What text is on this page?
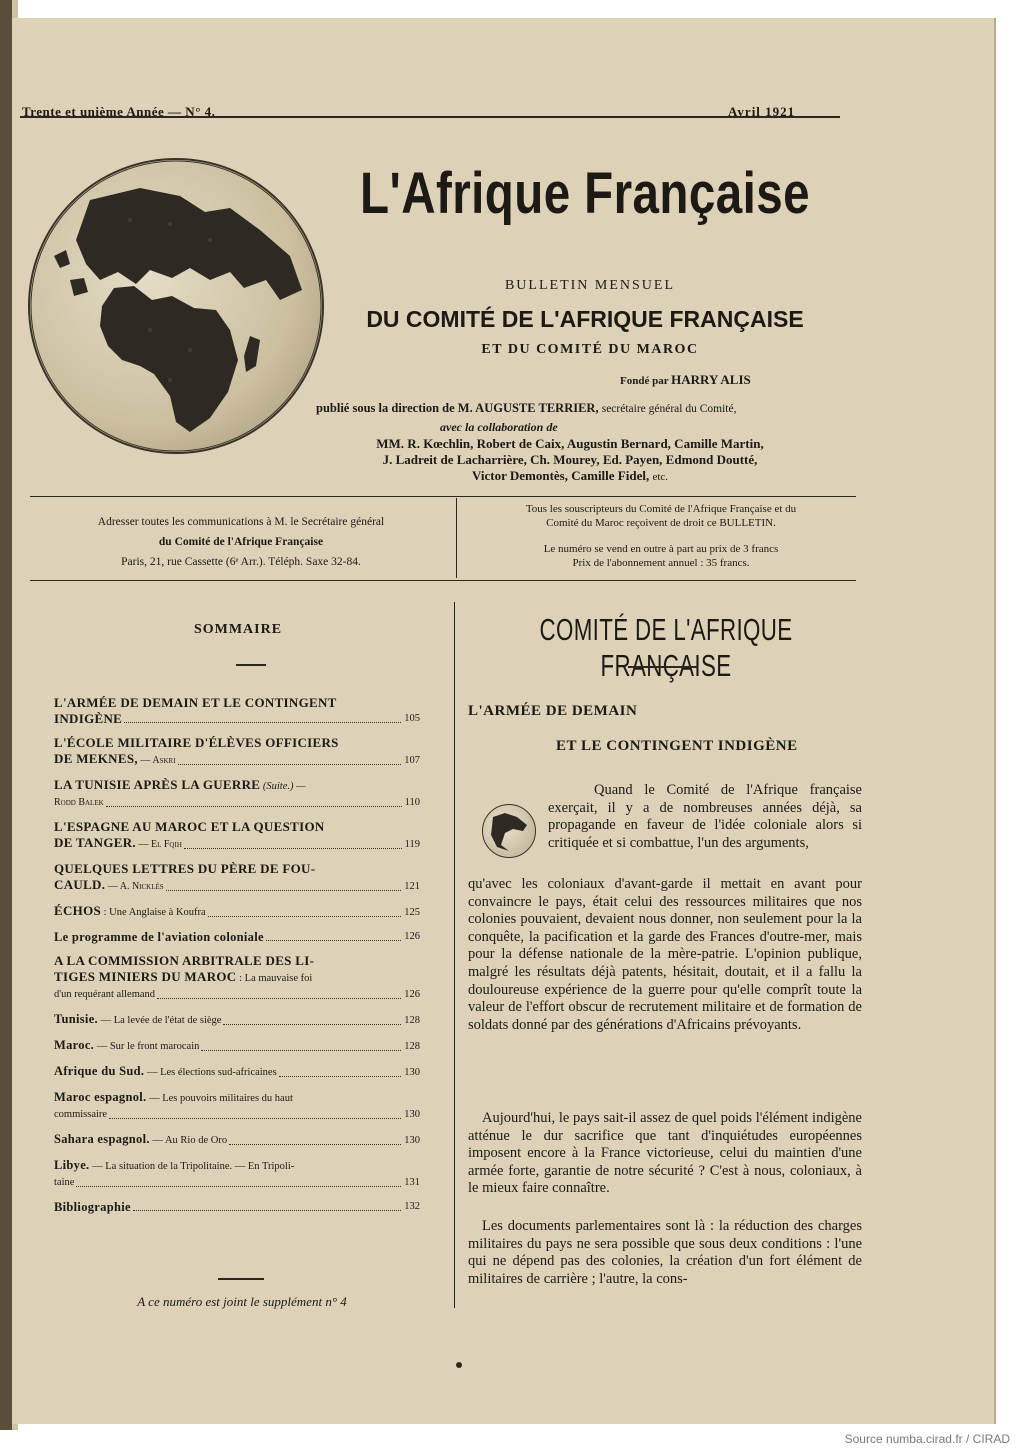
Trente et unième Année — N° 4.	Avril 1921
L'Afrique Française
BULLETIN MENSUEL
DU COMITÉ DE L'AFRIQUE FRANÇAISE
ET DU COMITÉ DU MAROC
Fondé par HARRY ALIS
publié sous la direction de M. AUGUSTE TERRIER, secrétaire général du Comité,
avec la collaboration de
MM. R. Kœchlin, Robert de Caix, Augustin Bernard, Camille Martin,
J. Ladreit de Lacharrière, Ch. Mourey, Ed. Payen, Edmond Doutté,
Victor Demontès, Camille Fidel, etc.
Adresser toutes les communications à M. le Secrétaire général
du Comité de l'Afrique Française
Paris, 21, rue Cassette (6ᵉ Arr.). Téléph. Saxe 32-84.
Tous les souscripteurs du Comité de l'Afrique Française et du
Comité du Maroc reçoivent de droit ce BULLETIN.
Le numéro se vend en outre à part au prix de 3 francs
Prix de l'abonnement annuel : 35 francs.
SOMMAIRE
L'ARMÉE DE DEMAIN ET LE CONTINGENT
INDIGÈNE	105
L'ÉCOLE MILITAIRE D'ÉLÈVES OFFICIERS
DE MEKNES, — Askri	107
LA TUNISIE APRÈS LA GUERRE (Suite.) —
Rodd Balek	110
L'ESPAGNE AU MAROC ET LA QUESTION
DE TANGER. — El Fqih	119
QUELQUES LETTRES DU PÈRE DE FOU-
CAULD. — A. Nicklès	121
ÉCHOS : Une Anglaise à Koufra	125
Le programme de l'aviation coloniale	126
A LA COMMISSION ARBITRALE DES LI-
TIGES MINIERS DU MAROC : La mauvaise foi
d'un requérant allemand	126
Tunisie. — La levée de l'état de siège	128
Maroc. — Sur le front marocain	128
Afrique du Sud. — Les élections sud-africaines	130
Maroc espagnol. — Les pouvoirs militaires du haut
commissaire	130
Sahara espagnol. — Au Rio de Oro	130
Libye. — La situation de la Tripolitaine. — En Tripoli-
taine	131
Bibliographie	132
A ce numéro est joint le supplément n° 4
COMITÉ DE L'AFRIQUE FRANÇAISE
L'ARMÉE DE DEMAIN
ET LE CONTINGENT INDIGÈNE
Quand le Comité de l'Afrique française exerçait, il y a de nombreuses années déjà, sa propagande en faveur de l'idée coloniale alors si critiquée et si combattue, l'un des arguments,
qu'avec les coloniaux d'avant-garde il mettait en avant pour convaincre le pays, était celui des ressources militaires que nos colonies pouvaient, devaient nous donner, non seulement pour la la conquête, la pacification et la garde des Frances d'outre-mer, mais pour la défense nationale de la mère-patrie. L'opinion publique, malgré les résultats déjà patents, hésitait, doutait, et il a fallu la douloureuse expérience de la guerre pour qu'elle comprît toute la valeur de l'effort obscur de recrutement militaire et de formation de soldats donné par des générations d'Africains prévoyants.
Aujourd'hui, le pays sait-il assez de quel poids l'élément indigène atténue le dur sacrifice que tant d'inquiétudes européennes imposent encore à la France victorieuse, celui du maintien d'une armée forte, garantie de notre sécurité ? C'est à nous, coloniaux, à le mieux faire connaître.
Les documents parlementaires sont là : la réduction des charges militaires du pays ne sera possible que sous deux conditions : l'une qui ne dépend pas des colonies, la création d'un fort élément de militaires de carrière ; l'autre, la cons-
Source numba.cirad.fr / CIRAD
